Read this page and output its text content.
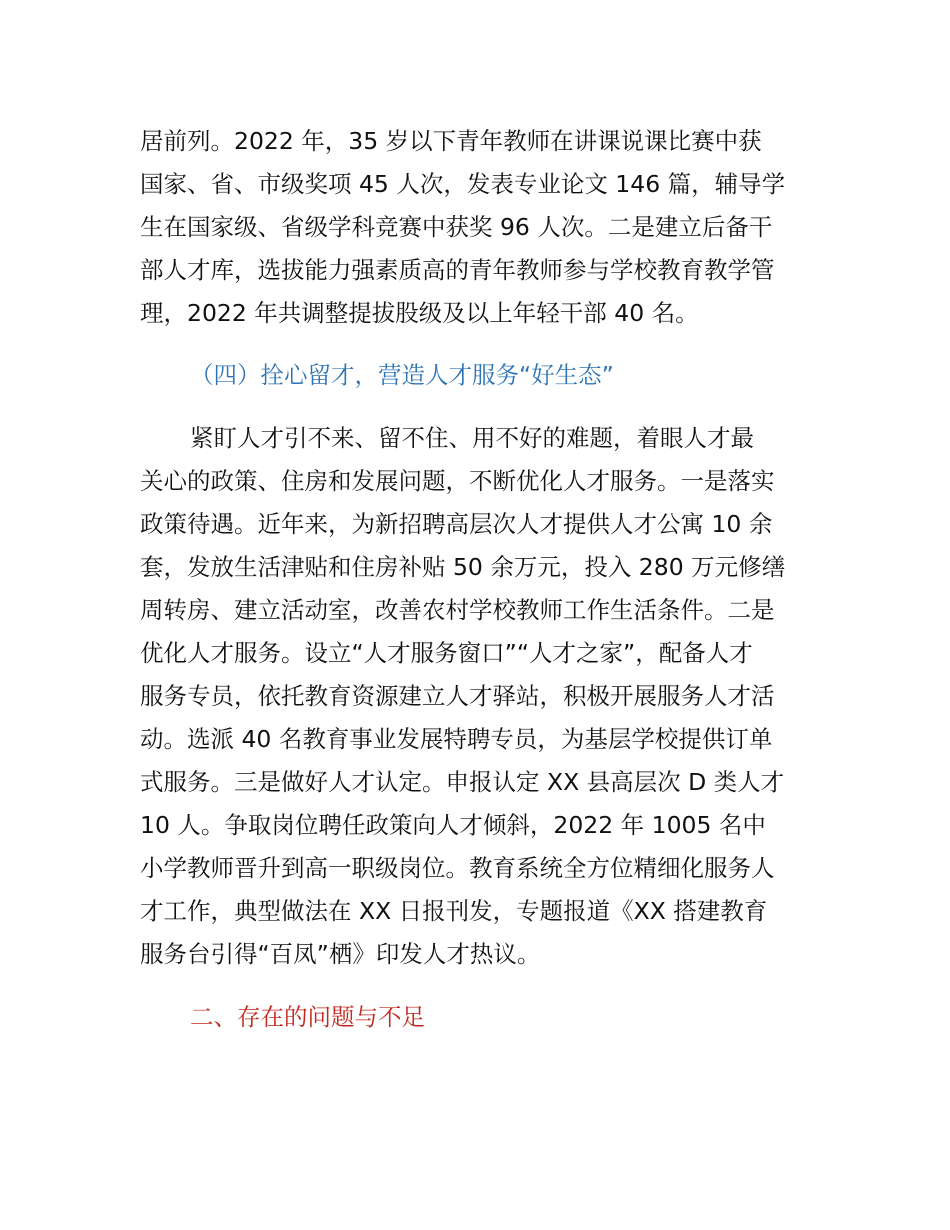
居前列。2022 年，35 岁以下青年教师在讲课说课比赛中获
国家、省、市级奖项 45 人次，发表专业论文 146 篇，辅导学
生在国家级、省级学科竞赛中获奖 96 人次。二是建立后备干
部人才库，选拔能力强素质高的青年教师参与学校教育教学管
理，2022 年共调整提拔股级及以上年轻干部 40 名。
（四）拴心留才，营造人才服务“好生态”
紧盯人才引不来、留不住、用不好的难题，着眼人才最
关心的政策、住房和发展问题，不断优化人才服务。一是落实
政策待遇。近年来，为新招聘高层次人才提供人才公寓 10 余
套，发放生活津贴和住房补贴 50 余万元，投入 280 万元修缮
周转房、建立活动室，改善农村学校教师工作生活条件。二是
优化人才服务。设立“人才服务窗口”“人才之家”，配备人才
服务专员，依托教育资源建立人才驿站，积极开展服务人才活
动。选派 40 名教育事业发展特聘专员，为基层学校提供订单
式服务。三是做好人才认定。申报认定 XX 县高层次 D 类人才
10 人。争取岗位聘任政策向人才倾斜，2022 年 1005 名中
小学教师晋升到高一职级岗位。教育系统全方位精细化服务人
才工作，典型做法在 XX 日报刊发，专题报道《XX 搭建教育
服务台引得“百凤”栖》印发人才热议。
二、存在的问题与不足
